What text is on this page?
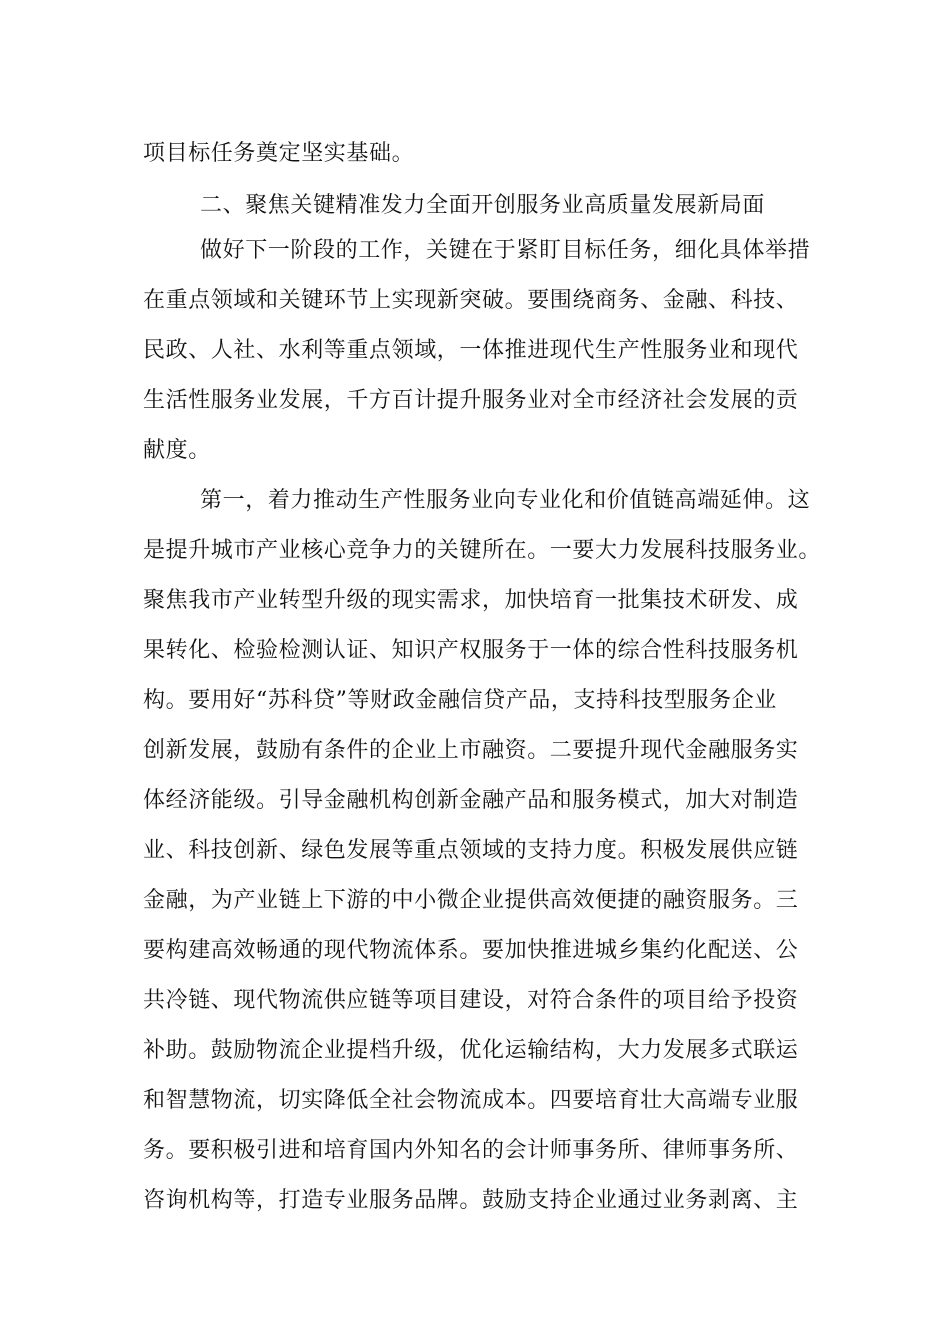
项目标任务奠定坚实基础。
二、聚焦关键精准发力全面开创服务业高质量发展新局面
做好下一阶段的工作，关键在于紧盯目标任务，细化具体举措
在重点领域和关键环节上实现新突破。要围绕商务、金融、科技、
民政、人社、水利等重点领域，一体推进现代生产性服务业和现代
生活性服务业发展，千方百计提升服务业对全市经济社会发展的贡
献度。
第一，着力推动生产性服务业向专业化和价值链高端延伸。这
是提升城市产业核心竞争力的关键所在。一要大力发展科技服务业。
聚焦我市产业转型升级的现实需求，加快培育一批集技术研发、成
果转化、检验检测认证、知识产权服务于一体的综合性科技服务机
构。要用好“苏科贷”等财政金融信贷产品，支持科技型服务企业
创新发展，鼓励有条件的企业上市融资。二要提升现代金融服务实
体经济能级。引导金融机构创新金融产品和服务模式，加大对制造
业、科技创新、绿色发展等重点领域的支持力度。积极发展供应链
金融，为产业链上下游的中小微企业提供高效便捷的融资服务。三
要构建高效畅通的现代物流体系。要加快推进城乡集约化配送、公
共冷链、现代物流供应链等项目建设，对符合条件的项目给予投资
补助。鼓励物流企业提档升级，优化运输结构，大力发展多式联运
和智慧物流，切实降低全社会物流成本。四要培育壮大高端专业服
务。要积极引进和培育国内外知名的会计师事务所、律师事务所、
咨询机构等，打造专业服务品牌。鼓励支持企业通过业务剥离、主
